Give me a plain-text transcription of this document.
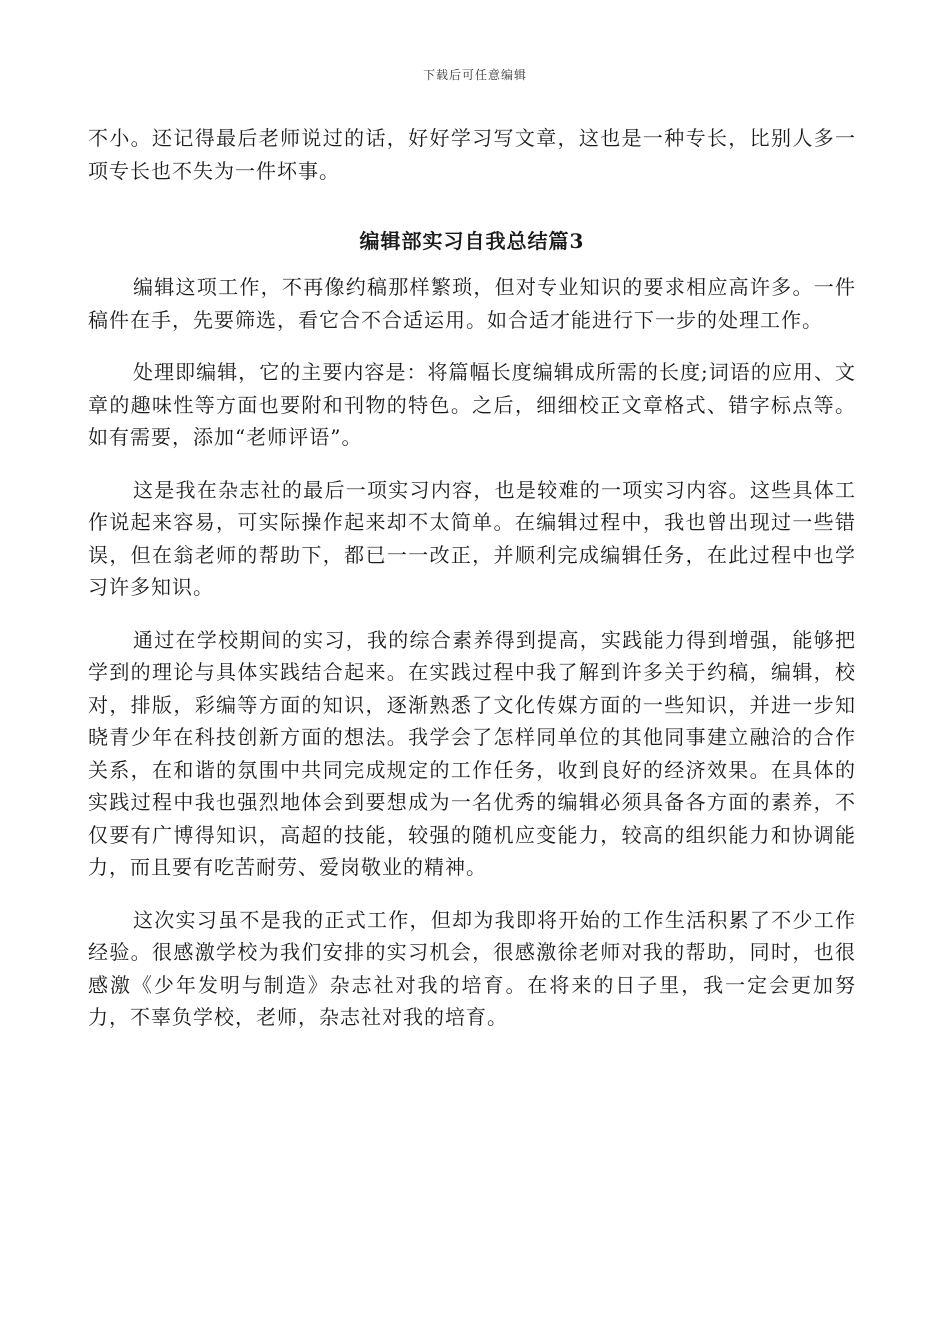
下载后可任意编辑

不小。还记得最后老师说过的话，好好学习写文章，这也是一种专长，比别人多一项专长也不失为一件坏事。

编辑部实习自我总结篇3

编辑这项工作，不再像约稿那样繁琐，但对专业知识的要求相应高许多。一件稿件在手，先要筛选，看它合不合适运用。如合适才能进行下一步的处理工作。

处理即编辑，它的主要内容是：将篇幅长度编辑成所需的长度;词语的应用、文章的趣味性等方面也要附和刊物的特色。之后，细细校正文章格式、错字标点等。如有需要，添加“老师评语”。

这是我在杂志社的最后一项实习内容，也是较难的一项实习内容。这些具体工作说起来容易，可实际操作起来却不太简单。在编辑过程中，我也曾出现过一些错误，但在翁老师的帮助下，都已一一改正，并顺利完成编辑任务，在此过程中也学习许多知识。

通过在学校期间的实习，我的综合素养得到提高，实践能力得到增强，能够把学到的理论与具体实践结合起来。在实践过程中我了解到许多关于约稿，编辑，校对，排版，彩编等方面的知识，逐渐熟悉了文化传媒方面的一些知识，并进一步知晓青少年在科技创新方面的想法。我学会了怎样同单位的其他同事建立融洽的合作关系，在和谐的氛围中共同完成规定的工作任务，收到良好的经济效果。在具体的实践过程中我也强烈地体会到要想成为一名优秀的编辑必须具备各方面的素养，不仅要有广博得知识，高超的技能，较强的随机应变能力，较高的组织能力和协调能力，而且要有吃苦耐劳、爱岗敬业的精神。

这次实习虽不是我的正式工作，但却为我即将开始的工作生活积累了不少工作经验。很感激学校为我们安排的实习机会，很感激徐老师对我的帮助，同时，也很感激《少年发明与制造》杂志社对我的培育。在将来的日子里，我一定会更加努力，不辜负学校，老师，杂志社对我的培育。
